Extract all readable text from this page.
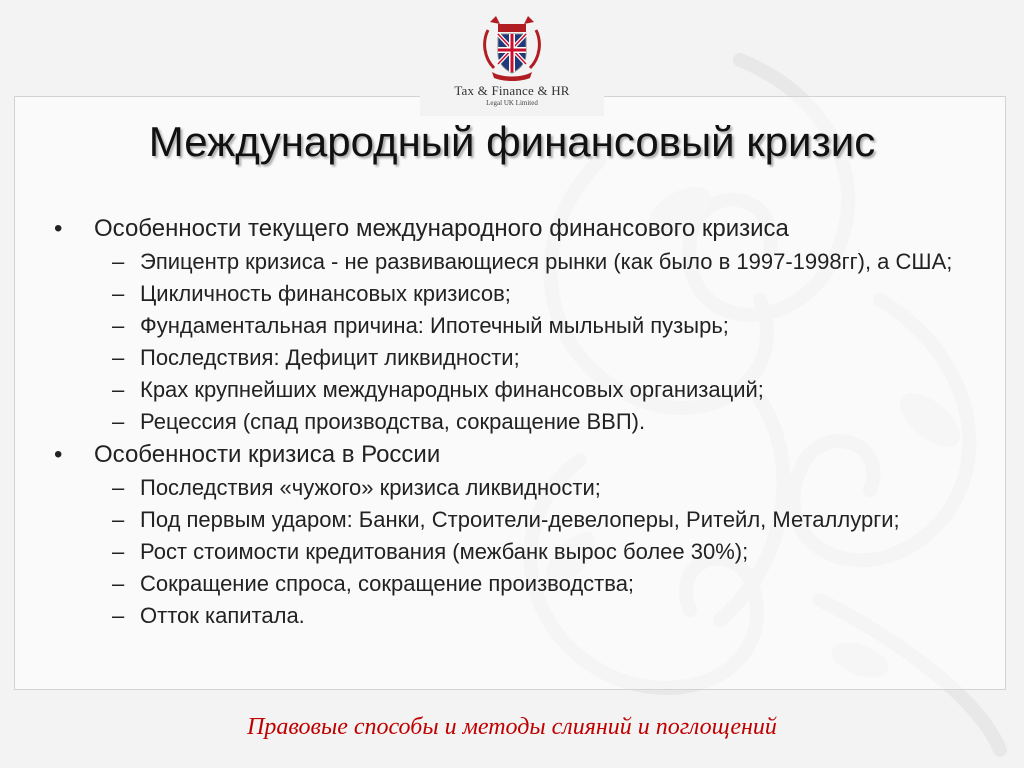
Tax & Finance & HR
Legal UK Limited
Международный финансовый кризис
• Особенности текущего международного финансового кризиса
– Эпицентр кризиса - не развивающиеся рынки (как было в 1997-1998гг), а США;
– Цикличность финансовых кризисов;
– Фундаментальная причина: Ипотечный мыльный пузырь;
– Последствия: Дефицит ликвидности;
– Крах крупнейших международных финансовых организаций;
– Рецессия (спад производства, сокращение ВВП).
• Особенности кризиса в России
– Последствия «чужого» кризиса ликвидности;
– Под первым ударом: Банки, Строители-девелоперы, Ритейл, Металлурги;
– Рост стоимости кредитования (межбанк вырос более 30%);
– Сокращение спроса, сокращение производства;
– Отток капитала.
Правовые способы и методы слияний и поглощений
